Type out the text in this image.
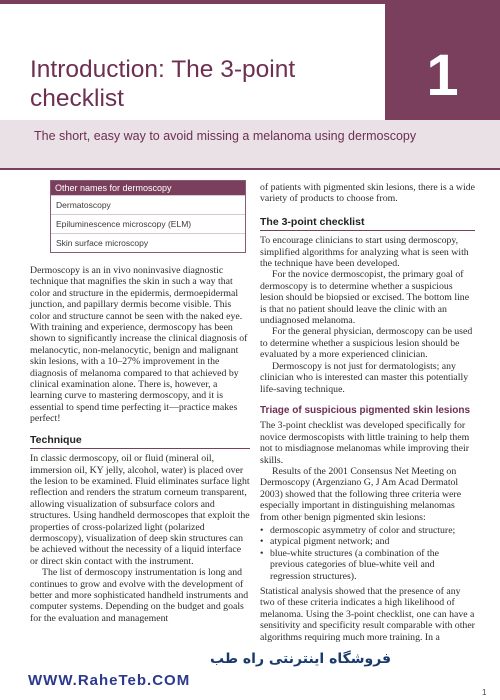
Introduction: The 3-point checklist	1
The short, easy way to avoid missing a melanoma using dermoscopy
Other names for dermoscopy
Dermatoscopy
Epiluminescence microscopy (ELM)
Skin surface microscopy

Dermoscopy is an in vivo noninvasive diagnostic technique that magnifies the skin in such a way that color and structure in the epidermis, dermoepidermal junction, and papillary dermis become visible. This color and structure cannot be seen with the naked eye. With training and experience, dermoscopy has been shown to significantly increase the clinical diagnosis of melanocytic, non-melanocytic, benign and malignant skin lesions, with a 10–27% improvement in the diagnosis of melanoma compared to that achieved by clinical examination alone. There is, however, a learning curve to mastering dermoscopy, and it is essential to spend time perfecting it—practice makes perfect!

Technique

In classic dermoscopy, oil or fluid (mineral oil, immersion oil, KY jelly, alcohol, water) is placed over the lesion to be examined. Fluid eliminates surface light reflection and renders the stratum corneum transparent, allowing visualization of subsurface colors and structures. Using handheld dermoscopes that exploit the properties of cross-polarized light (polarized dermoscopy), visualization of deep skin structures can be achieved without the necessity of a liquid interface or direct skin contact with the instrument.

The list of dermoscopy instrumentation is long and continues to grow and evolve with the development of better and more sophisticated handheld instruments and computer systems. Depending on the budget and goals for the evaluation and management

of patients with pigmented skin lesions, there is a wide variety of products to choose from.

The 3-point checklist

To encourage clinicians to start using dermoscopy, simplified algorithms for analyzing what is seen with the technique have been developed.

For the novice dermoscopist, the primary goal of dermoscopy is to determine whether a suspicious lesion should be biopsied or excised. The bottom line is that no patient should leave the clinic with an undiagnosed melanoma.

For the general physician, dermoscopy can be used to determine whether a suspicious lesion should be evaluated by a more experienced clinician.

Dermoscopy is not just for dermatologists; any clinician who is interested can master this potentially life-saving technique.

Triage of suspicious pigmented skin lesions

The 3-point checklist was developed specifically for novice dermoscopists with little training to help them not to misdiagnose melanomas while improving their skills.

Results of the 2001 Consensus Net Meeting on Dermoscopy (Argenziano G, J Am Acad Dermatol 2003) showed that the following three criteria were especially important in distinguishing melanomas from other benign pigmented skin lesions:

• dermoscopic asymmetry of color and structure;
• atypical pigment network; and
• blue-white structures (a combination of the previous categories of blue-white veil and regression structures).

Statistical analysis showed that the presence of any two of these criteria indicates a high likelihood of melanoma. Using the 3-point checklist, one can have a sensitivity and specificity result comparable with other algorithms requiring much more training. In a

فروشگاه اینترنتی راه طب
WWW.RaheTeb.COM
1
